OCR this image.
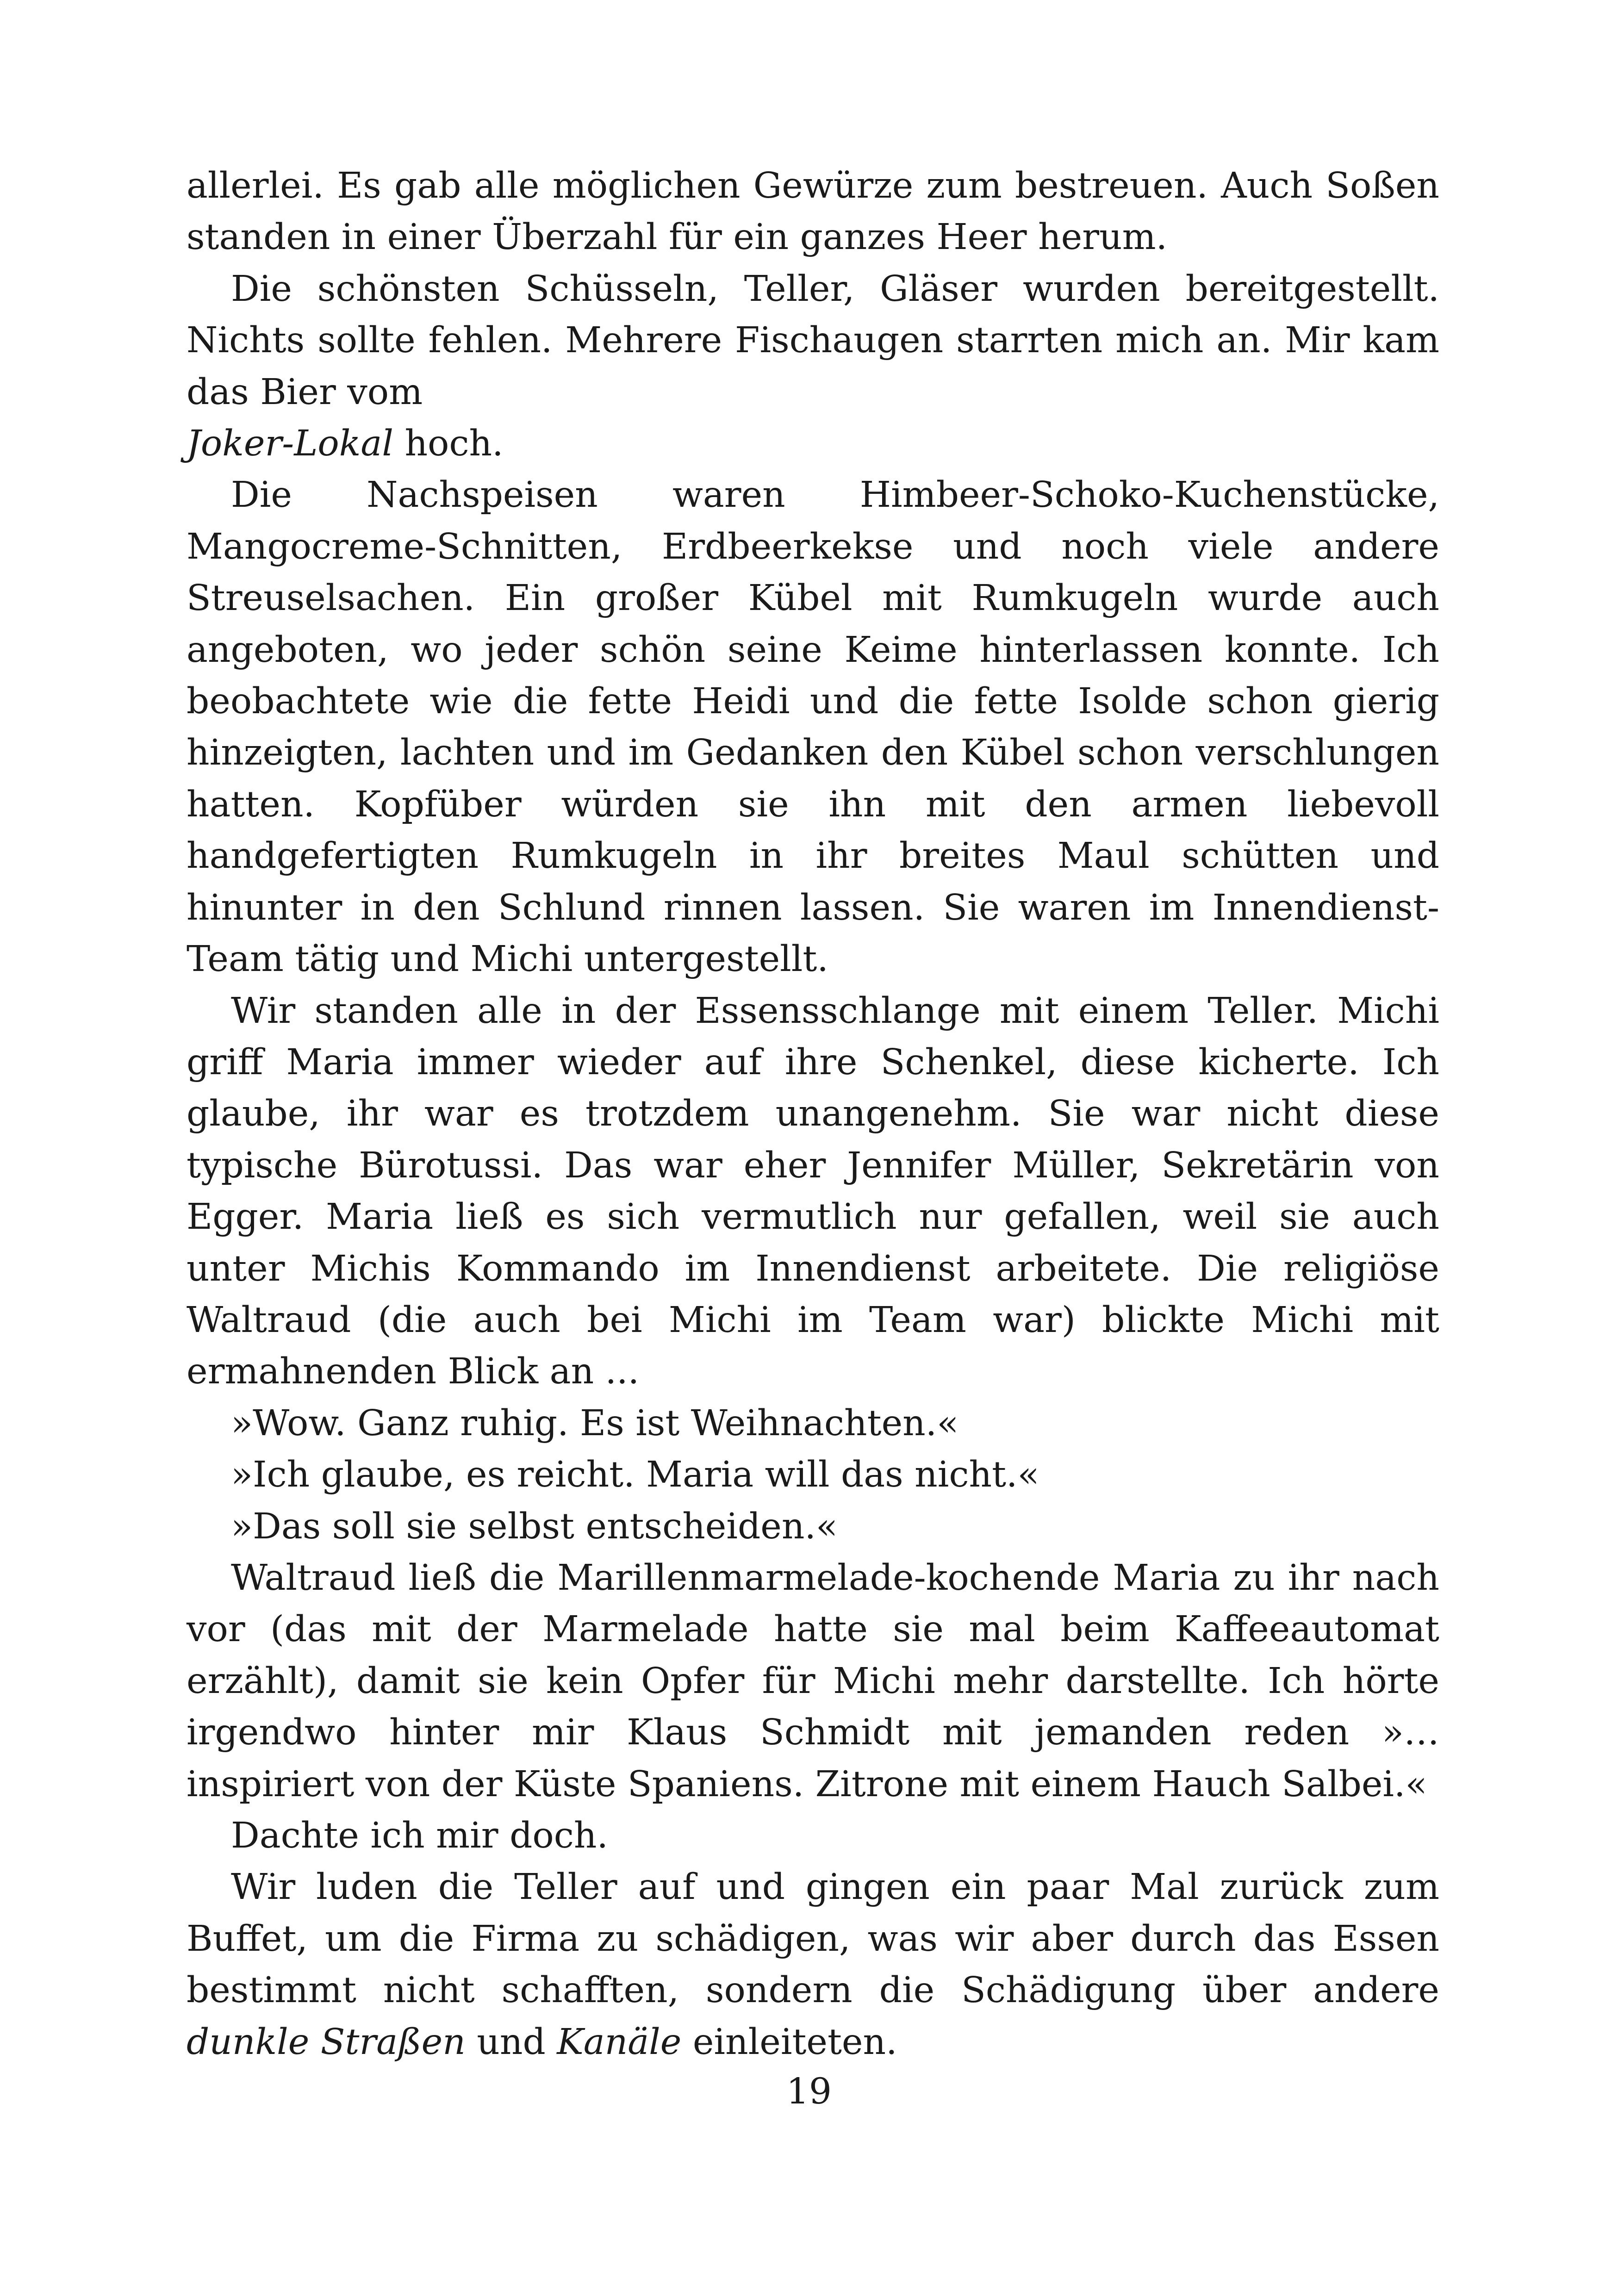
allerlei. Es gab alle möglichen Gewürze zum bestreuen. Auch Soßen standen in einer Überzahl für ein ganzes Heer herum.

Die schönsten Schüsseln, Teller, Gläser wurden bereitgestellt. Nichts sollte fehlen. Mehrere Fischaugen starrten mich an. Mir kam das Bier vom
Joker-Lokal hoch.

Die Nachspeisen waren Himbeer-Schoko-Kuchenstücke, Mangocreme-Schnitten, Erdbeerkekse und noch viele andere Streuselsachen. Ein großer Kübel mit Rumkugeln wurde auch angeboten, wo jeder schön seine Keime hinterlassen konnte. Ich beobachtete wie die fette Heidi und die fette Isolde schon gierig hinzeigten, lachten und im Gedanken den Kübel schon verschlungen hatten. Kopfüber würden sie ihn mit den armen liebevoll handgefertigten Rumkugeln in ihr breites Maul schütten und hinunter in den Schlund rinnen lassen. Sie waren im Innendienst-Team tätig und Michi untergestellt.

Wir standen alle in der Essensschlange mit einem Teller. Michi griff Maria immer wieder auf ihre Schenkel, diese kicherte. Ich glaube, ihr war es trotzdem unangenehm. Sie war nicht diese typische Bürotussi. Das war eher Jennifer Müller, Sekretärin von Egger. Maria ließ es sich vermutlich nur gefallen, weil sie auch unter Michis Kommando im Innendienst arbeitete. Die religiöse Waltraud (die auch bei Michi im Team war) blickte Michi mit ermahnenden Blick an ...

»Wow. Ganz ruhig. Es ist Weihnachten.«

»Ich glaube, es reicht. Maria will das nicht.«

»Das soll sie selbst entscheiden.«

Waltraud ließ die Marillenmarmelade-kochende Maria zu ihr nach vor (das mit der Marmelade hatte sie mal beim Kaffeeautomat erzählt), damit sie kein Opfer für Michi mehr darstellte. Ich hörte irgendwo hinter mir Klaus Schmidt mit jemanden reden »… inspiriert von der Küste Spaniens. Zitrone mit einem Hauch Salbei.«

Dachte ich mir doch.

Wir luden die Teller auf und gingen ein paar Mal zurück zum Buffet, um die Firma zu schädigen, was wir aber durch das Essen bestimmt nicht schafften, sondern die Schädigung über andere dunkle Straßen und Kanäle einleiteten.

19
